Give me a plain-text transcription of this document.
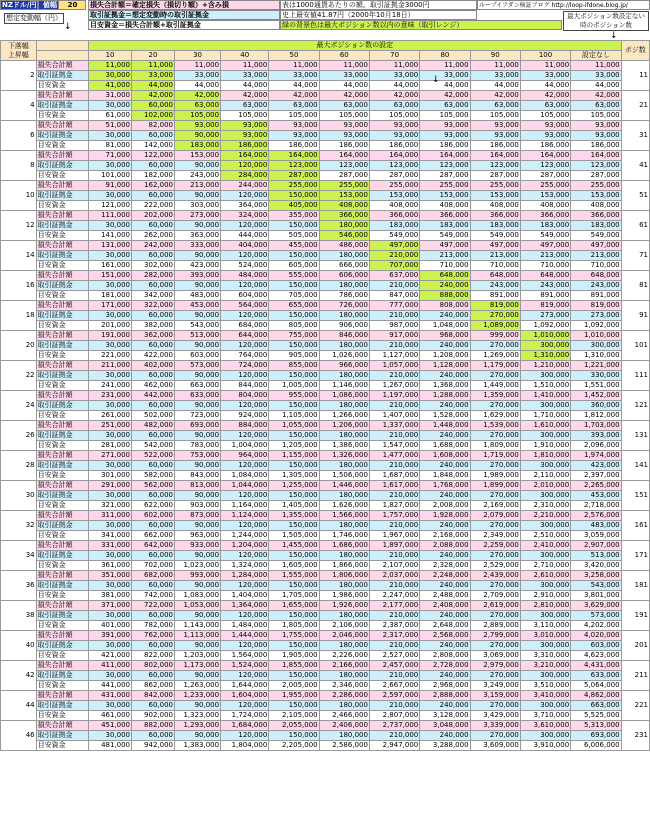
NZドル/円 値幅	20
想定変動幅（円）
損失合計額＝確定損失（損切り額）+含み損
取引証拠金＝想定変動時の取引証拠金
目安資金＝損失合計額+取引証拠金
表は1000通貨あたりの額。取引証拠金3000円
史上最安値41.87円（2000年10月18日）
緑の背景色は最大ポジション数以内の意味（取引レンジ）
ループイフダン検証ブログ http://loop-ifdone.blog.jp/
最大ポジション数設定ない時のポジション数
下落幅
上昇幅		最大ポジション数の設定											ポジ数
		10	20	30	40	50	60	70	80	90	100	設定なし	
2	損失合計額	11,000	11,000	11,000	11,000	11,000	11,000	11,000	11,000	11,000	11,000	11,000	11
	取引証拠金	30,000	33,000	33,000	33,000	33,000	33,000	33,000	33,000	33,000	33,000	33,000	
	目安資金	41,000	44,000	44,000	44,000	44,000	44,000	44,000	44,000	44,000	44,000	44,000	
4	損失合計額	31,000	42,000	42,000	42,000	42,000	42,000	42,000	42,000	42,000	42,000	42,000	21
	取引証拠金	30,000	60,000	63,000	63,000	63,000	63,000	63,000	63,000	63,000	63,000	63,000	
	目安資金	61,000	102,000	105,000	105,000	105,000	105,000	105,000	105,000	105,000	105,000	105,000	
6	損失合計額	51,000	82,000	93,000	93,000	93,000	93,000	93,000	93,000	93,000	93,000	93,000	31
	取引証拠金	30,000	60,000	90,000	93,000	93,000	93,000	93,000	93,000	93,000	93,000	93,000	
	目安資金	81,000	142,000	183,000	186,000	186,000	186,000	186,000	186,000	186,000	186,000	186,000	
8	損失合計額	71,000	122,000	153,000	164,000	164,000	164,000	164,000	164,000	164,000	164,000	164,000	41
	取引証拠金	30,000	60,000	90,000	120,000	123,000	123,000	123,000	123,000	123,000	123,000	123,000	
	目安資金	101,000	182,000	243,000	284,000	287,000	287,000	287,000	287,000	287,000	287,000	287,000	
10	損失合計額	91,000	162,000	213,000	244,000	255,000	255,000	255,000	255,000	255,000	255,000	255,000	51
	取引証拠金	30,000	60,000	90,000	120,000	150,000	153,000	153,000	153,000	153,000	153,000	153,000	
	目安資金	121,000	222,000	303,000	364,000	405,000	408,000	408,000	408,000	408,000	408,000	408,000	
12	損失合計額	111,000	202,000	273,000	324,000	355,000	366,000	366,000	366,000	366,000	366,000	366,000	61
	取引証拠金	30,000	60,000	90,000	120,000	150,000	180,000	183,000	183,000	183,000	183,000	183,000	
	目安資金	141,000	262,000	363,000	444,000	505,000	546,000	549,000	549,000	549,000	549,000	549,000	
14	損失合計額	131,000	242,000	333,000	404,000	455,000	486,000	497,000	497,000	497,000	497,000	497,000	71
	取引証拠金	30,000	60,000	90,000	120,000	150,000	180,000	210,000	213,000	213,000	213,000	213,000	
	目安資金	161,000	302,000	423,000	524,000	605,000	666,000	707,000	710,000	710,000	710,000	710,000	
16	損失合計額	151,000	282,000	393,000	484,000	555,000	606,000	637,000	648,000	648,000	648,000	648,000	81
	取引証拠金	30,000	60,000	90,000	120,000	150,000	180,000	210,000	240,000	243,000	243,000	243,000	
	目安資金	181,000	342,000	483,000	604,000	705,000	786,000	847,000	888,000	891,000	891,000	891,000	
18	損失合計額	171,000	322,000	453,000	564,000	655,000	726,000	777,000	808,000	819,000	819,000	819,000	91
	取引証拠金	30,000	60,000	90,000	120,000	150,000	180,000	210,000	240,000	270,000	273,000	273,000	
	目安資金	201,000	382,000	543,000	684,000	805,000	906,000	987,000	1,048,000	1,089,000	1,092,000	1,092,000	
20	損失合計額	191,000	362,000	513,000	644,000	755,000	846,000	917,000	968,000	999,000	1,010,000	1,010,000	101
	取引証拠金	30,000	60,000	90,000	120,000	150,000	180,000	210,000	240,000	270,000	300,000	300,000	
	目安資金	221,000	422,000	603,000	764,000	905,000	1,026,000	1,127,000	1,208,000	1,269,000	1,310,000	1,310,000	
22	損失合計額	211,000	402,000	573,000	724,000	855,000	966,000	1,057,000	1,128,000	1,179,000	1,210,000	1,221,000	111
	取引証拠金	30,000	60,000	90,000	120,000	150,000	180,000	210,000	240,000	270,000	300,000	330,000	
	目安資金	241,000	462,000	663,000	844,000	1,005,000	1,146,000	1,267,000	1,368,000	1,449,000	1,510,000	1,551,000	
24	損失合計額	231,000	442,000	633,000	804,000	955,000	1,086,000	1,197,000	1,288,000	1,359,000	1,410,000	1,452,000	121
	取引証拠金	30,000	60,000	90,000	120,000	150,000	180,000	210,000	240,000	270,000	300,000	360,000	
	目安資金	261,000	502,000	723,000	924,000	1,105,000	1,266,000	1,407,000	1,528,000	1,629,000	1,710,000	1,812,000	
26	損失合計額	251,000	482,000	693,000	884,000	1,055,000	1,206,000	1,337,000	1,448,000	1,539,000	1,610,000	1,703,000	131
	取引証拠金	30,000	60,000	90,000	120,000	150,000	180,000	210,000	240,000	270,000	300,000	393,000	
	目安資金	281,000	542,000	783,000	1,004,000	1,205,000	1,386,000	1,547,000	1,688,000	1,809,000	1,910,000	2,096,000	
28	損失合計額	271,000	522,000	753,000	964,000	1,155,000	1,326,000	1,477,000	1,608,000	1,719,000	1,810,000	1,974,000	141
	取引証拠金	30,000	60,000	90,000	120,000	150,000	180,000	210,000	240,000	270,000	300,000	423,000	
	目安資金	301,000	582,000	843,000	1,084,000	1,305,000	1,506,000	1,687,000	1,848,000	1,989,000	2,110,000	2,397,000	
30	損失合計額	291,000	562,000	813,000	1,044,000	1,255,000	1,446,000	1,617,000	1,768,000	1,899,000	2,010,000	2,265,000	151
	取引証拠金	30,000	60,000	90,000	120,000	150,000	180,000	210,000	240,000	270,000	300,000	453,000	
	目安資金	321,000	622,000	903,000	1,164,000	1,405,000	1,626,000	1,827,000	2,008,000	2,169,000	2,310,000	2,718,000	
32	損失合計額	311,000	602,000	873,000	1,124,000	1,355,000	1,566,000	1,757,000	1,928,000	2,079,000	2,210,000	2,576,000	161
	取引証拠金	30,000	60,000	90,000	120,000	150,000	180,000	210,000	240,000	270,000	300,000	483,000	
	目安資金	341,000	662,000	963,000	1,244,000	1,505,000	1,746,000	1,967,000	2,168,000	2,349,000	2,510,000	3,059,000	
34	損失合計額	331,000	642,000	933,000	1,204,000	1,455,000	1,686,000	1,897,000	2,088,000	2,259,000	2,410,000	2,907,000	171
	取引証拠金	30,000	60,000	90,000	120,000	150,000	180,000	210,000	240,000	270,000	300,000	513,000	
	目安資金	361,000	702,000	1,023,000	1,324,000	1,605,000	1,866,000	2,107,000	2,328,000	2,529,000	2,710,000	3,420,000	
36	損失合計額	351,000	682,000	993,000	1,284,000	1,555,000	1,806,000	2,037,000	2,248,000	2,439,000	2,610,000	3,258,000	181
	取引証拠金	30,000	60,000	90,000	120,000	150,000	180,000	210,000	240,000	270,000	300,000	543,000	
	目安資金	381,000	742,000	1,083,000	1,404,000	1,705,000	1,986,000	2,247,000	2,488,000	2,709,000	2,910,000	3,801,000	
38	損失合計額	371,000	722,000	1,053,000	1,364,000	1,655,000	1,926,000	2,177,000	2,408,000	2,619,000	2,810,000	3,629,000	191
	取引証拠金	30,000	60,000	90,000	120,000	150,000	180,000	210,000	240,000	270,000	300,000	573,000	
	目安資金	401,000	782,000	1,143,000	1,484,000	1,805,000	2,106,000	2,387,000	2,648,000	2,889,000	3,110,000	4,202,000	
40	損失合計額	391,000	762,000	1,113,000	1,444,000	1,755,000	2,046,000	2,317,000	2,568,000	2,799,000	3,010,000	4,020,000	201
	取引証拠金	30,000	60,000	90,000	120,000	150,000	180,000	210,000	240,000	270,000	300,000	603,000	
	目安資金	421,000	822,000	1,203,000	1,564,000	1,905,000	2,226,000	2,527,000	2,808,000	3,069,000	3,310,000	4,623,000	
42	損失合計額	411,000	802,000	1,173,000	1,524,000	1,855,000	2,166,000	2,457,000	2,728,000	2,979,000	3,210,000	4,431,000	211
	取引証拠金	30,000	60,000	90,000	120,000	150,000	180,000	210,000	240,000	270,000	300,000	633,000	
	目安資金	441,000	862,000	1,263,000	1,644,000	2,005,000	2,346,000	2,667,000	2,968,000	3,249,000	3,510,000	5,064,000	
44	損失合計額	431,000	842,000	1,233,000	1,604,000	1,955,000	2,286,000	2,597,000	2,888,000	3,159,000	3,410,000	4,862,000	221
	取引証拠金	30,000	60,000	90,000	120,000	150,000	180,000	210,000	240,000	270,000	300,000	663,000	
	目安資金	461,000	902,000	1,323,000	1,724,000	2,105,000	2,466,000	2,807,000	3,128,000	3,429,000	3,710,000	5,525,000	
46	損失合計額	451,000	882,000	1,293,000	1,684,000	2,055,000	2,406,000	2,737,000	3,048,000	3,339,000	3,610,000	5,313,000	231
	取引証拠金	30,000	60,000	90,000	120,000	150,000	180,000	210,000	240,000	270,000	300,000	693,000	
	目安資金	481,000	942,000	1,383,000	1,804,000	2,205,000	2,586,000	2,947,000	3,288,000	3,609,000	3,910,000	6,006,000	
↓
↓
↓
